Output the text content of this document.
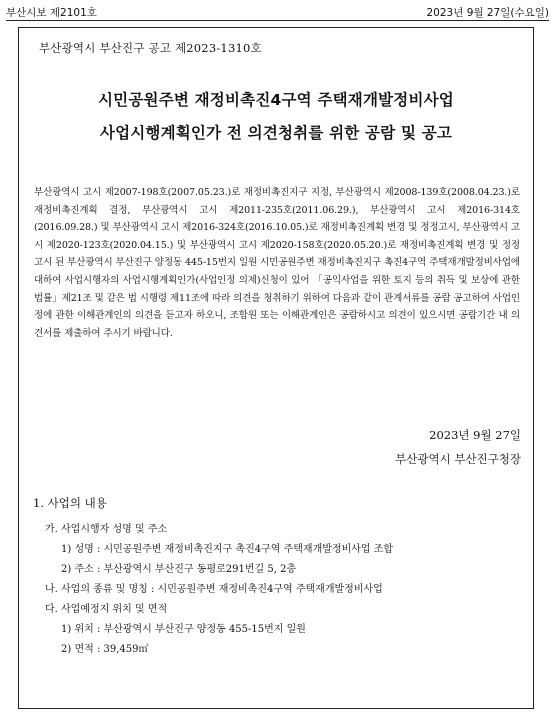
부산시보 제2101호	2023년 9월 27일(수요일)
부산광역시 부산진구 공고 제2023-1310호
시민공원주변 재정비촉진4구역 주택재개발정비사업
사업시행계획인가 전 의견청취를 위한 공람 및 공고
부산광역시 고시 제2007-198호(2007.05.23.)로 재정비촉진지구 지정, 부산광역시 제2008-139호(2008.04.23.)로 재정비촉진계획 결정, 부산광역시 고시 제2011-235호(2011.06.29.), 부산광역시 고시 제2016-314호(2016.09.28.) 및 부산광역시 고시 제2016-324호(2016.10.05.)로 재정비촉진계획 변경 및 정정고시, 부산광역시 고시 제2020-123호(2020.04.15.) 및 부산광역시 고시 제2020-158호(2020.05.20.)로 재정비촉진계획 변경 및 정정고시 된 부산광역시 부산진구 양정동 445-15번지 일원 시민공원주변 재정비촉진지구 촉진4구역 주택재개발정비사업에 대하여 사업시행자의 사업시행계획인가(사업인정 의제)신청이 있어 「공익사업을 위한 토지 등의 취득 및 보상에 관한 법률」제21조 및 같은 법 시행령 제11조에 따라 의견을 청취하기 위하여 다음과 같이 관계서류를 공람 공고하여 사업인정에 관한 이해관계인의 의견을 듣고자 하오니, 조합원 또는 이해관계인은 공람하시고 의견이 있으시면 공람기간 내 의견서를 제출하여 주시기 바랍니다.
2023년 9월 27일
부산광역시 부산진구청장
1. 사업의 내용
가. 사업시행자 성명 및 주소
1) 성명 : 시민공원주변 재정비촉진지구 촉진4구역 주택재개발정비사업 조합
2) 주소 : 부산광역시 부산진구 동평로291번길 5, 2층
나. 사업의 종류 및 명칭 : 시민공원주변 재정비촉진4구역 주택재개발정비사업
다. 사업예정지 위치 및 면적
1) 위치 : 부산광역시 부산진구 양정동 455-15번지 일원
2) 면적 : 39,459㎡
